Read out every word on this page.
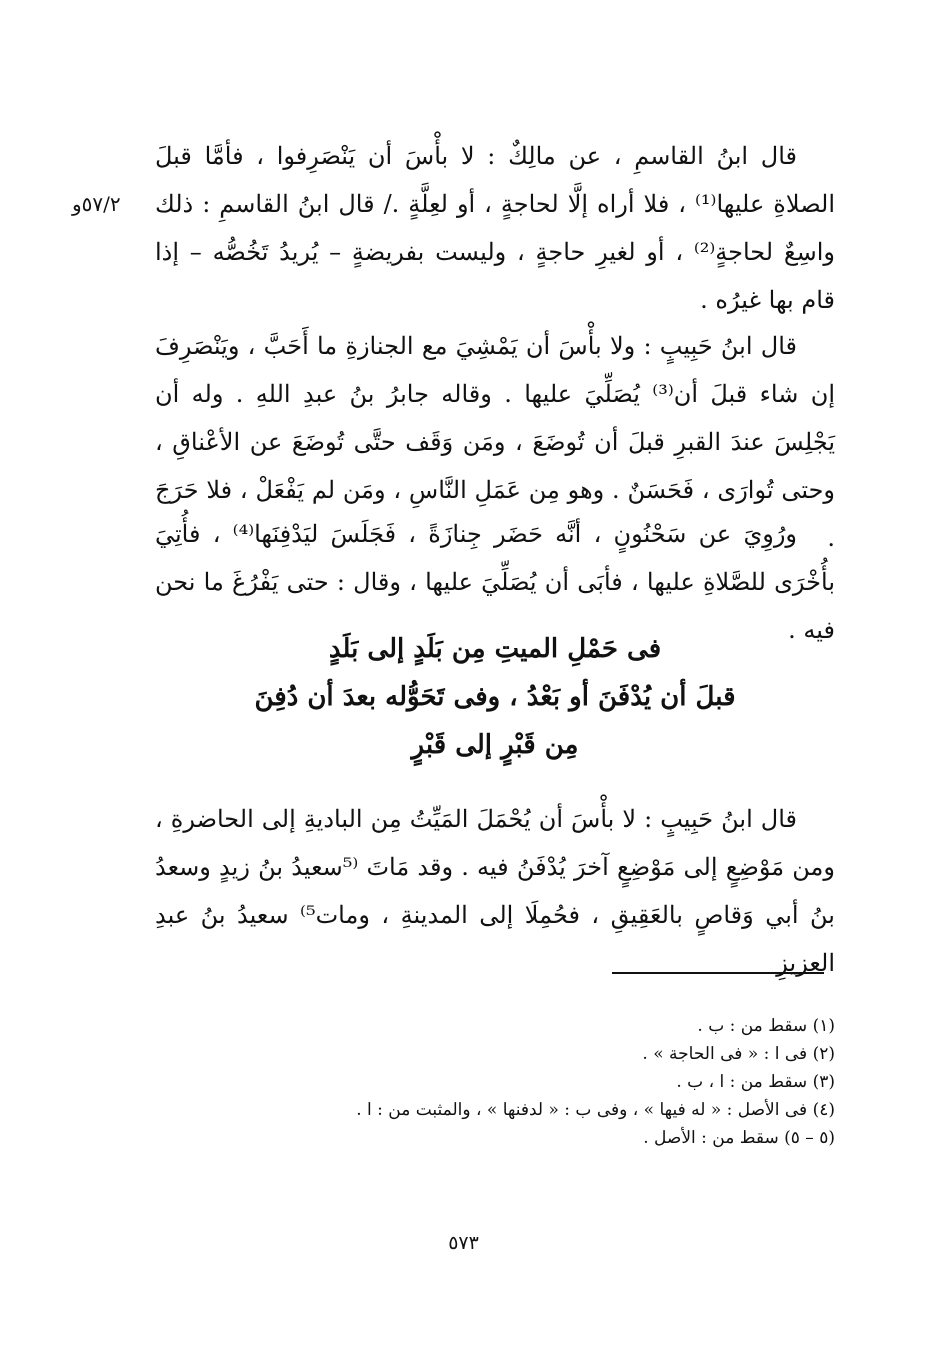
٥٧/٢و

قال ابنُ القاسمِ ، عن مالِكٌ : لا بأْسَ أن يَنْصَرِفوا ، فأمَّا قبلَ الصلاةِ عليها⁽¹⁾ ، فلا أراه إلَّا لحاجةٍ ، أو لعِلَّةٍ ./ قال ابنُ القاسمِ : ذلك واسِعٌ لحاجةٍ⁽²⁾ ، أو لغيرِ حاجةٍ ، وليست بفريضةٍ – يُريدُ تَخُصُّه – إذا قام بها غيرُه .

قال ابنُ حَبِيبٍ : ولا بأْسَ أن يَمْشِيَ مع الجنازةِ ما أَحَبَّ ، ويَنْصَرِفَ إن شاء قبلَ أن⁽³⁾ يُصَلِّيَ عليها . وقاله جابرُ بنُ عبدِ اللهِ . وله أن يَجْلِسَ عندَ القبرِ قبلَ أن تُوضَعَ ، ومَن وَقَف حتَّى تُوضَعَ عن الأعْناقِ ، وحتى تُوارَى ، فَحَسَنٌ . وهو مِن عَمَلِ النَّاسِ ، ومَن لم يَفْعَلْ ، فلا حَرَجَ .

ورُوِيَ عن سَحْنُونٍ ، أنَّه حَضَر جِنازَةً ، فَجَلَسَ ليَدْفِنَها⁽⁴⁾ ، فأُتِيَ بأُخْرَى للصَّلاةِ عليها ، فأبَى أن يُصَلِّيَ عليها ، وقال : حتى يَفْرُغَ ما نحن فيه .

فى حَمْلِ الميتِ مِن بَلَدٍ إلى بَلَدٍ
قبلَ أن يُدْفَنَ أو بَعْدُ ، وفى تَحَوُّله بعدَ أن دُفِنَ
مِن قَبْرٍ إلى قَبْرٍ

قال ابنُ حَبِيبٍ : لا بأْسَ أن يُحْمَلَ المَيِّتُ مِن الباديةِ إلى الحاضرةِ ، ومن مَوْضِعٍ إلى مَوْضِعٍ آخرَ يُدْفَنُ فيه . وقد مَاتَ ⁽⁵سعيدُ بنُ زيدٍ وسعدُ بنُ أبي وَقاصٍ بالعَقِيقِ ، فحُمِلَا إلى المدينةِ ، ومات⁵⁾ سعيدُ بنُ عبدِ العزيزِ

(١) سقط من : ب .
(٢) فى ا : « فى الحاجة » .
(٣) سقط من : ا ، ب .
(٤) فى الأصل : « له فيها » ، وفى ب : « لدفنها » ، والمثبت من : ا .
(٥ – ٥) سقط من : الأصل .
٥٧٣
